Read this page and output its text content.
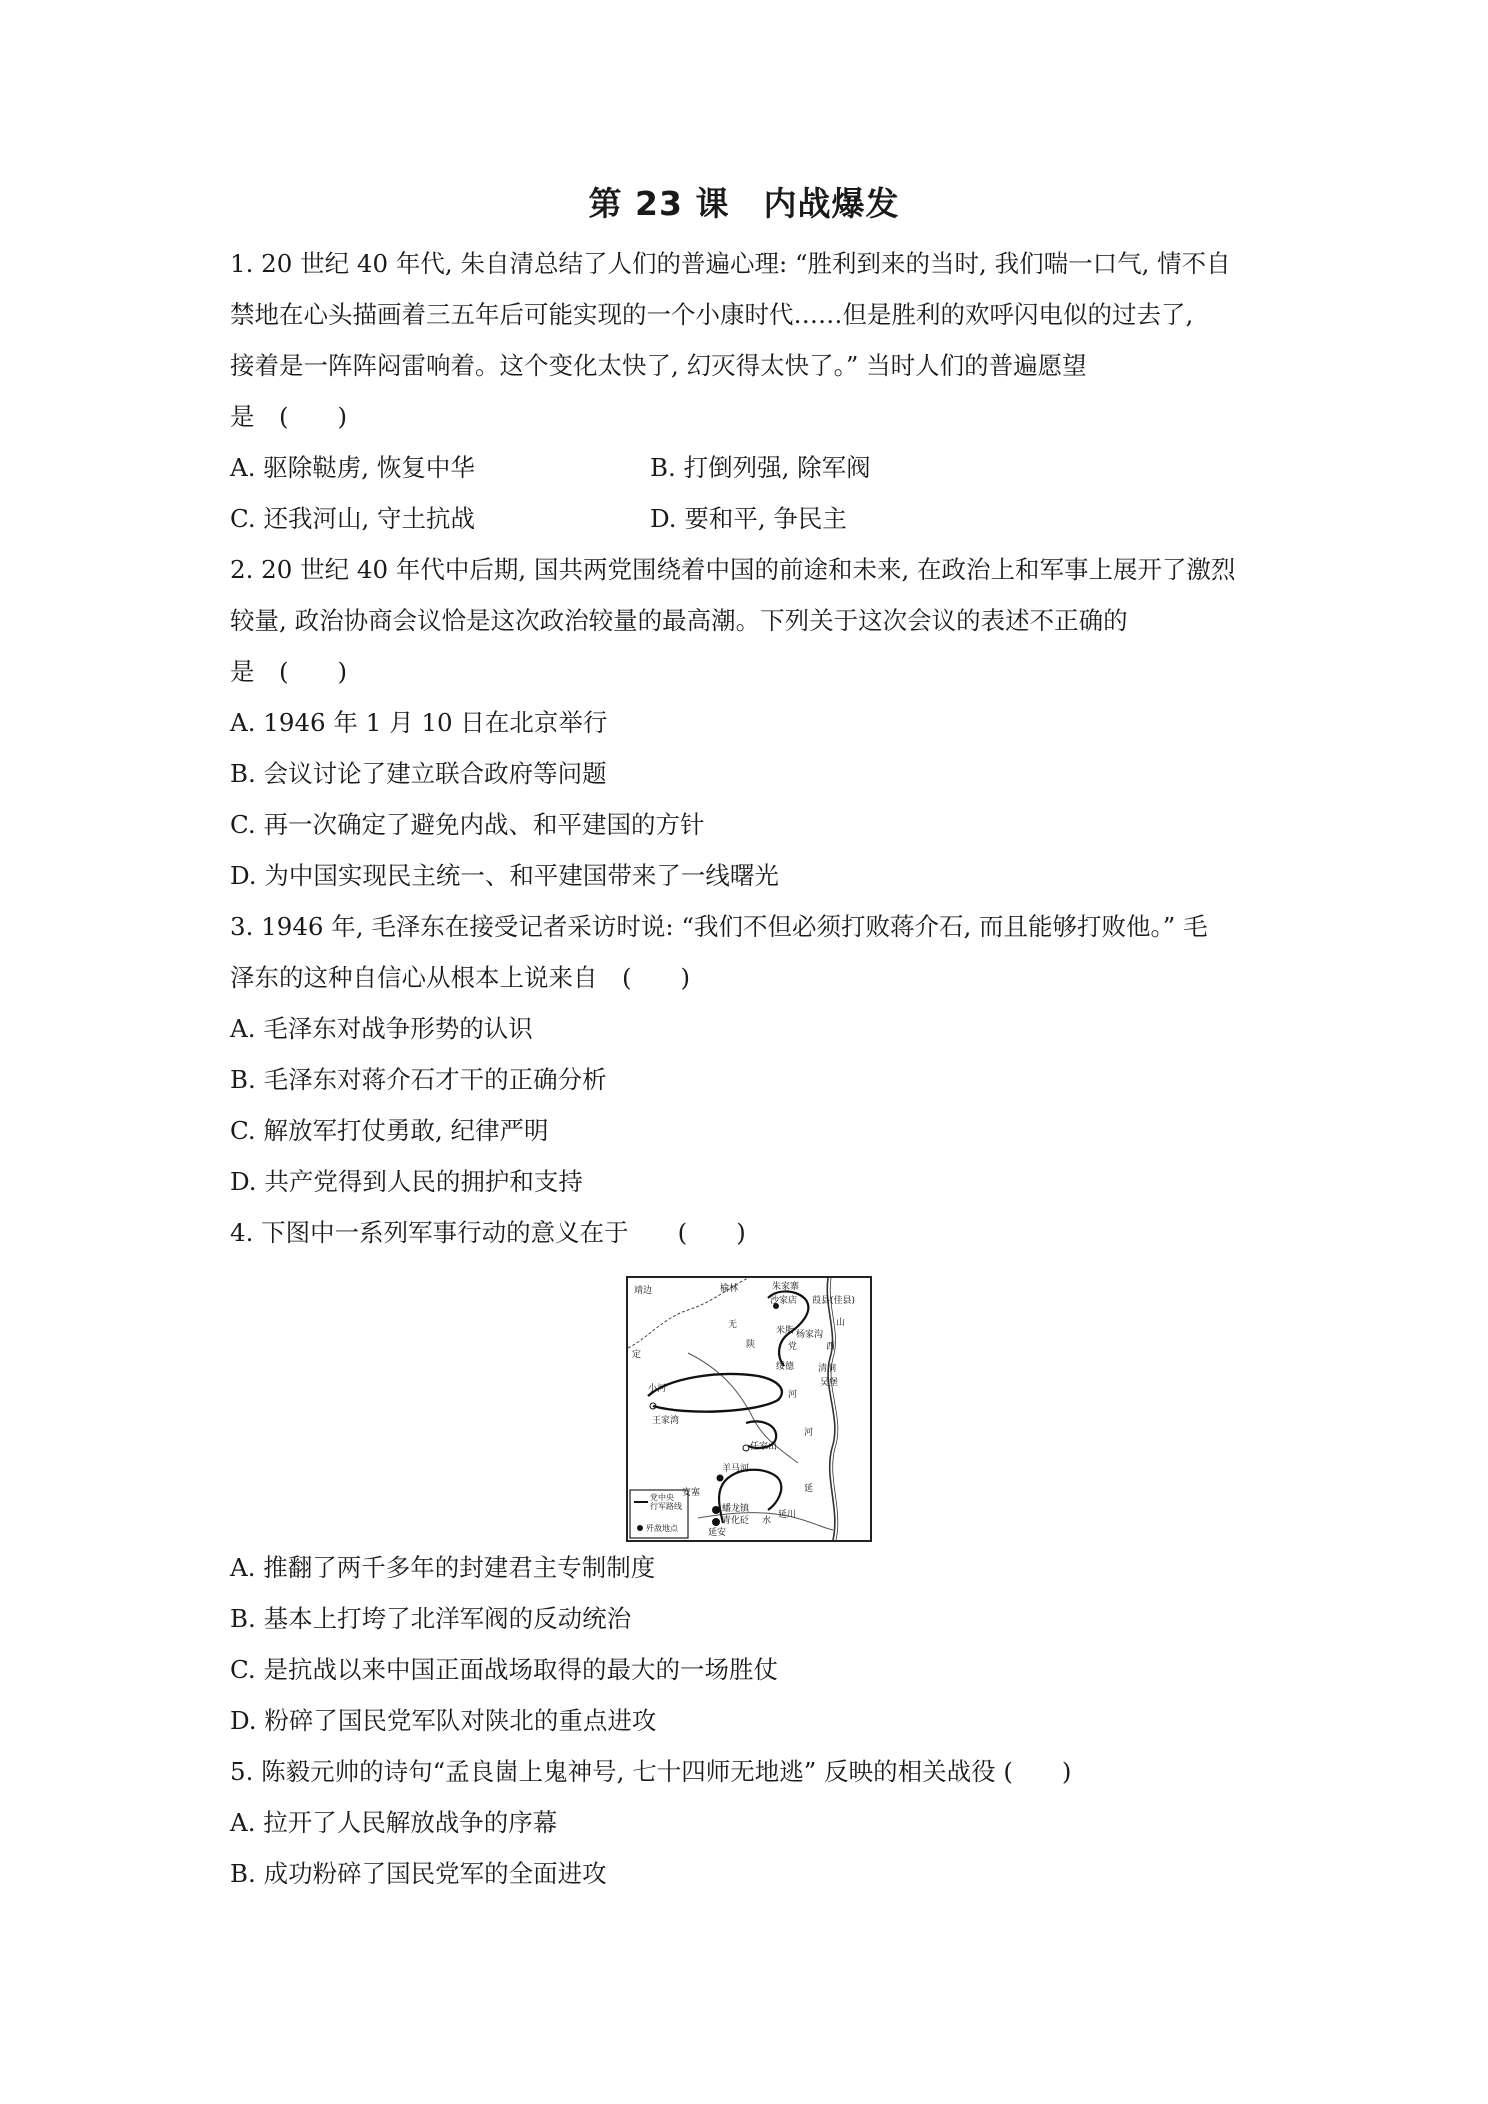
第 23 课　内战爆发
1. 20 世纪 40 年代, 朱自清总结了人们的普遍心理: “胜利到来的当时, 我们喘一口气, 情不自
禁地在心头描画着三五年后可能实现的一个小康时代……但是胜利的欢呼闪电似的过去了,
接着是一阵阵闷雷响着。这个变化太快了, 幻灭得太快了。” 当时人们的普遍愿望
是　(　　)
A. 驱除鞑虏, 恢复中华	B. 打倒列强, 除军阀
C. 还我河山, 守土抗战	D. 要和平, 争民主
2. 20 世纪 40 年代中后期, 国共两党围绕着中国的前途和未来, 在政治上和军事上展开了激烈
较量, 政治协商会议恰是这次政治较量的最高潮。下列关于这次会议的表述不正确的
是　(　　)
A. 1946 年 1 月 10 日在北京举行
B. 会议讨论了建立联合政府等问题
C. 再一次确定了避免内战、和平建国的方针
D. 为中国实现民主统一、和平建国带来了一线曙光
3. 1946 年, 毛泽东在接受记者采访时说: “我们不但必须打败蒋介石, 而且能够打败他。” 毛
泽东的这种自信心从根本上说来自　(　　)
A. 毛泽东对战争形势的认识
B. 毛泽东对蒋介石才干的正确分析
C. 解放军打仗勇敢, 纪律严明
D. 共产党得到人民的拥护和支持
4. 下图中一系列军事行动的意义在于　　(　　)
靖边	榆林	朱家寨
沙家店 葭县(佳县)
无
米脂 杨家沟
山
定
陕	党	西
绥德	清涧
小河
吴堡
河
王家湾
任家山
河
羊马河
安塞
蟠龙镇
青化砭
延川
延
水
延安
党中央
行军路线
歼敌地点
A. 推翻了两千多年的封建君主专制制度
B. 基本上打垮了北洋军阀的反动统治
C. 是抗战以来中国正面战场取得的最大的一场胜仗
D. 粉碎了国民党军队对陕北的重点进攻
5. 陈毅元帅的诗句“孟良崮上鬼神号, 七十四师无地逃” 反映的相关战役 (　　)
A. 拉开了人民解放战争的序幕
B. 成功粉碎了国民党军的全面进攻
